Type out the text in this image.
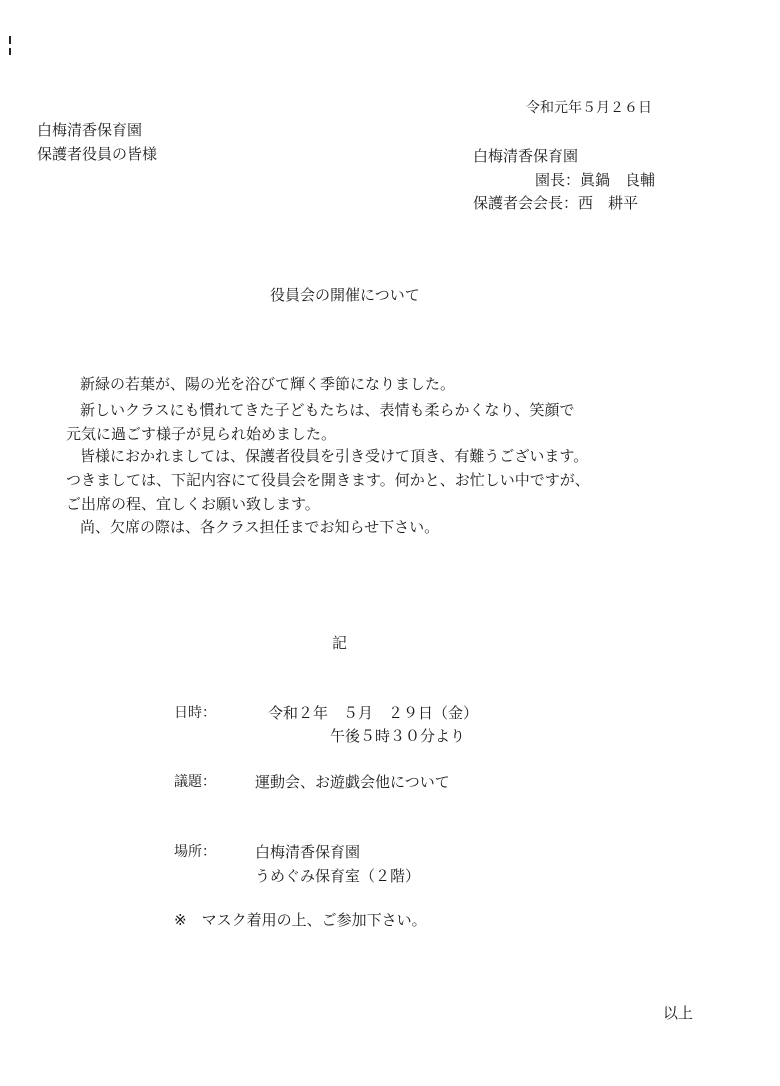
令和元年５月２６日
白梅清香保育園
保護者役員の皆様	白梅清香保育園
園長：眞鍋　良輔
保護者会会長：西　耕平
役員会の開催について
新緑の若葉が、陽の光を浴びて輝く季節になりました。
新しいクラスにも慣れてきた子どもたちは、表情も柔らかくなり、笑顔で
元気に過ごす様子が見られ始めました。
皆様におかれましては、保護者役員を引き受けて頂き、有難うございます。
つきましては、下記内容にて役員会を開きます。何かと、お忙しい中ですが、
ご出席の程、宜しくお願い致します。
尚、欠席の際は、各クラス担任までお知らせ下さい。
記
日時：	令和２年　５月　２９日（金）
午後５時３０分より
議題：	運動会、お遊戯会他について
場所：	白梅清香保育園
うめぐみ保育室（２階）
※　マスク着用の上、ご参加下さい。
以上
